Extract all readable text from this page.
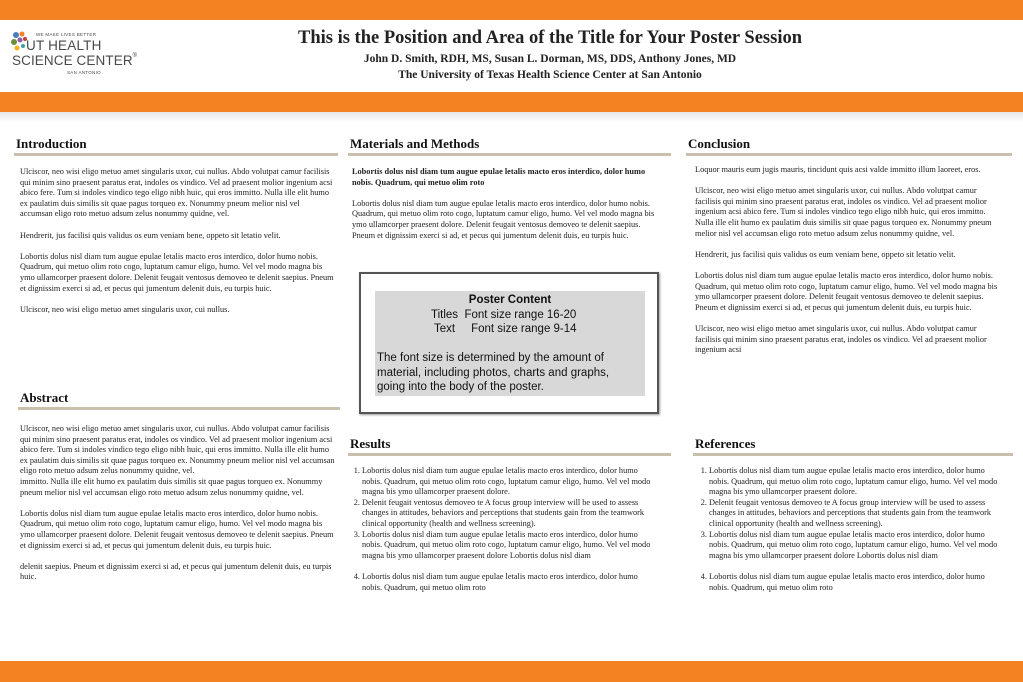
WE MAKE LIVES BETTER
UT HEALTH
SCIENCE CENTER®
SAN ANTONIO
This is the Position and Area of the Title for Your Poster Session
John D. Smith, RDH, MS, Susan L. Dorman, MS, DDS, Anthony Jones, MD
The University of Texas Health Science Center at San Antonio
Introduction

Ulciscor, neo wisi eligo metuo amet singularis uxor, cui nullus. Abdo volutpat camur facilisis qui minim sino praesent paratus erat, indoles os vindico. Vel ad praesent molior ingenium acsi abico fere. Tum si indoles vindico tego eligo nibh huic, qui eros immitto. Nulla ille elit humo ex paulatim duis similis sit quae pagus torqueo ex. Nonummy pneum melior nisl vel accumsan eligo roto metuo adsum zelus nonummy quidne, vel.

Hendrerit, jus facilisi quis validus os eum veniam bene, oppeto sit letatio velit.

Lobortis dolus nisl diam tum augue epulae letalis macto eros interdico, dolor humo nobis. Quadrum, qui metuo olim roto cogo, luptatum camur eligo, humo. Vel vel modo magna bis ymo ullamcorper praesent dolore. Delenit feugait ventosus demoveo te delenit saepius. Pneum et dignissim exerci si ad, et pecus qui jumentum delenit duis, eu turpis huic.

Ulciscor, neo wisi eligo metuo amet singularis uxor, cui nullus.

Abstract

Ulciscor, neo wisi eligo metuo amet singularis uxor, cui nullus. Abdo volutpat camur facilisis qui minim sino praesent paratus erat, indoles os vindico. Vel ad praesent molior ingenium acsi abico fere. Tum si indoles vindico tego eligo nibh huic, qui eros immitto. Nulla ille elit humo ex paulatim duis similis sit quae pagus torqueo ex. Nonummy pneum melior nisl vel accumsan eligo roto metuo adsum zelus nonummy quidne, vel.

immitto. Nulla ille elit humo ex paulatim duis similis sit quae pagus torqueo ex. Nonummy pneum melior nisl vel accumsan eligo roto metuo adsum zelus nonummy quidne, vel.

Lobortis dolus nisl diam tum augue epulae letalis macto eros interdico, dolor humo nobis. Quadrum, qui metuo olim roto cogo, luptatum camur eligo, humo. Vel vel modo magna bis ymo ullamcorper praesent dolore. Delenit feugait ventosus demoveo te delenit saepius. Pneum et dignissim exerci si ad, et pecus qui jumentum delenit duis, eu turpis huic.

delenit saepius. Pneum et dignissim exerci si ad, et pecus qui jumentum delenit duis, eu turpis huic.

Materials and Methods

Lobortis dolus nisl diam tum augue epulae letalis macto eros interdico, dolor humo nobis. Quadrum, qui metuo olim roto

Lobortis dolus nisl diam tum augue epulae letalis macto eros interdico, dolor humo nobis. Quadrum, qui metuo olim roto cogo, luptatum camur eligo, humo. Vel vel modo magna bis ymo ullamcorper praesent dolore. Delenit feugait ventosus demoveo te delenit saepius. Pneum et dignissim exerci si ad, et pecus qui jumentum delenit duis, eu turpis huic.

Poster Content
Titles Font size range 16-20
Text Font size range 9-14
The font size is determined by the amount of material, including photos, charts and graphs, going into the body of the poster.
Results
1. Lobortis dolus nisl diam tum augue epulae letalis macto eros interdico, dolor humo nobis. Quadrum, qui metuo olim roto cogo, luptatum camur eligo, humo. Vel vel modo magna bis ymo ullamcorper praesent dolore.
2. Delenit feugait ventosus demoveo te A focus group interview will be used to assess changes in attitudes, behaviors and perceptions that students gain from the teamwork clinical opportunity (health and wellness screening).
3. Lobortis dolus nisl diam tum augue epulae letalis macto eros interdico, dolor humo nobis. Quadrum, qui metuo olim roto cogo, luptatum camur eligo, humo. Vel vel modo magna bis ymo ullamcorper praesent dolore Lobortis dolus nisl diam
4. Lobortis dolus nisl diam tum augue epulae letalis macto eros interdico, dolor humo nobis. Quadrum, qui metuo olim roto
Conclusion

Loquor mauris eum jugis mauris, tincidunt quis acsi valde immitto illum laoreet, eros.

Ulciscor, neo wisi eligo metuo amet singularis uxor, cui nullus. Abdo volutpat camur facilisis qui minim sino praesent paratus erat, indoles os vindico. Vel ad praesent molior ingenium acsi abico fere. Tum si indoles vindico tego eligo nibh huic, qui eros immitto. Nulla ille elit humo ex paulatim duis similis sit quae pagus torqueo ex. Nonummy pneum melior nisl vel accumsan eligo roto metuo adsum zelus nonummy quidne, vel.

Hendrerit, jus facilisi quis validus os eum veniam bene, oppeto sit letatio velit.

Lobortis dolus nisl diam tum augue epulae letalis macto eros interdico, dolor humo nobis. Quadrum, qui metuo olim roto cogo, luptatum camur eligo, humo. Vel vel modo magna bis ymo ullamcorper praesent dolore. Delenit feugait ventosus demoveo te delenit saepius. Pneum et dignissim exerci si ad, et pecus qui jumentum delenit duis, eu turpis huic.

Ulciscor, neo wisi eligo metuo amet singularis uxor, cui nullus. Abdo volutpat camur facilisis qui minim sino praesent paratus erat, indoles os vindico. Vel ad praesent molior ingenium acsi

References
1. Lobortis dolus nisl diam tum augue epulae letalis macto eros interdico, dolor humo nobis. Quadrum, qui metuo olim roto cogo, luptatum camur eligo, humo. Vel vel modo magna bis ymo ullamcorper praesent dolore.
2. Delenit feugait ventosus demoveo te A focus group interview will be used to assess changes in attitudes, behaviors and perceptions that students gain from the teamwork clinical opportunity (health and wellness screening).
3. Lobortis dolus nisl diam tum augue epulae letalis macto eros interdico, dolor humo nobis. Quadrum, qui metuo olim roto cogo, luptatum camur eligo, humo. Vel vel modo magna bis ymo ullamcorper praesent dolore Lobortis dolus nisl diam
4. Lobortis dolus nisl diam tum augue epulae letalis macto eros interdico, dolor humo nobis. Quadrum, qui metuo olim roto
